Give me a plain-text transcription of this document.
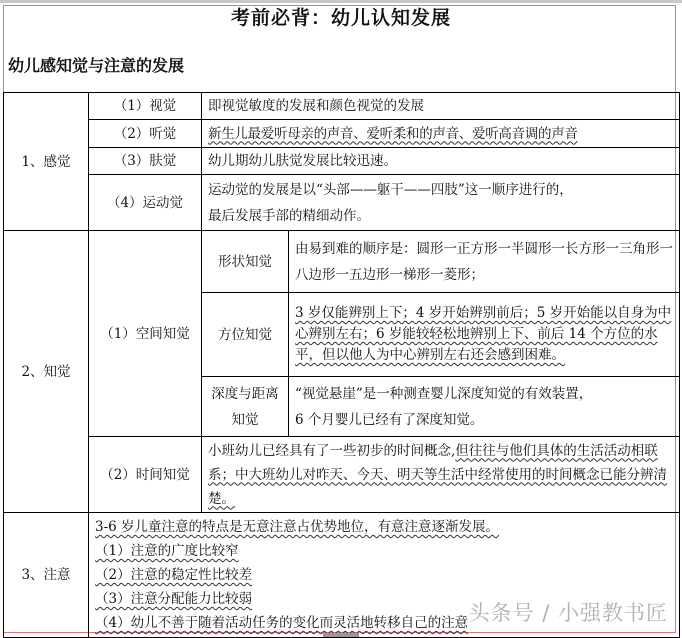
考前必背：幼儿认知发展
幼儿感知觉与注意的发展
1、感觉	（1）视觉	即视觉敏度的发展和颜色视觉的发展	
	（2）听觉	新生儿最爱听母亲的声音、爱听柔和的声音、爱听高音调的声音	
	（3）肤觉	幼儿期幼儿肤觉发展比较迅速。	
	（4）运动觉	运动觉的发展是以“头部——躯干——四肢”这一顺序进行的，
最后发展手部的精细动作。	

2、知觉	（1）空间知觉	形状知觉	由易到难的顺序是：圆形一正方形一半圆形一长方形一三角形一八边形一五边形一梯形一菱形；
		方位知觉	3 岁仅能辨别上下；4 岁开始辨别前后；5 岁开始能以自身为中心辨别左右；6 岁能较轻松地辨别上下、前后 14 个方位的水平，但以他人为中心辨别左右还会感到困难。
		深度与距离知觉	“视觉悬崖”是一种测查婴儿深度知觉的有效装置，
6 个月婴儿已经有了深度知觉。

	（2）时间知觉	小班幼儿已经具有了一些初步的时间概念,但往往与他们具体的生活活动相联系；中大班幼儿对昨天、今天、明天等生活中经常使用的时间概念已能分辨清楚。	
3、注意	3-6 岁儿童注意的特点是无意注意占优势地位，有意注意逐渐发展。
（1）注意的广度比较窄
（2）注意的稳定性比较差
（3）注意分配能力比较弱
（4）幼儿不善于随着活动任务的变化而灵活地转移自己的注意		头条号 / 小强教书匠
